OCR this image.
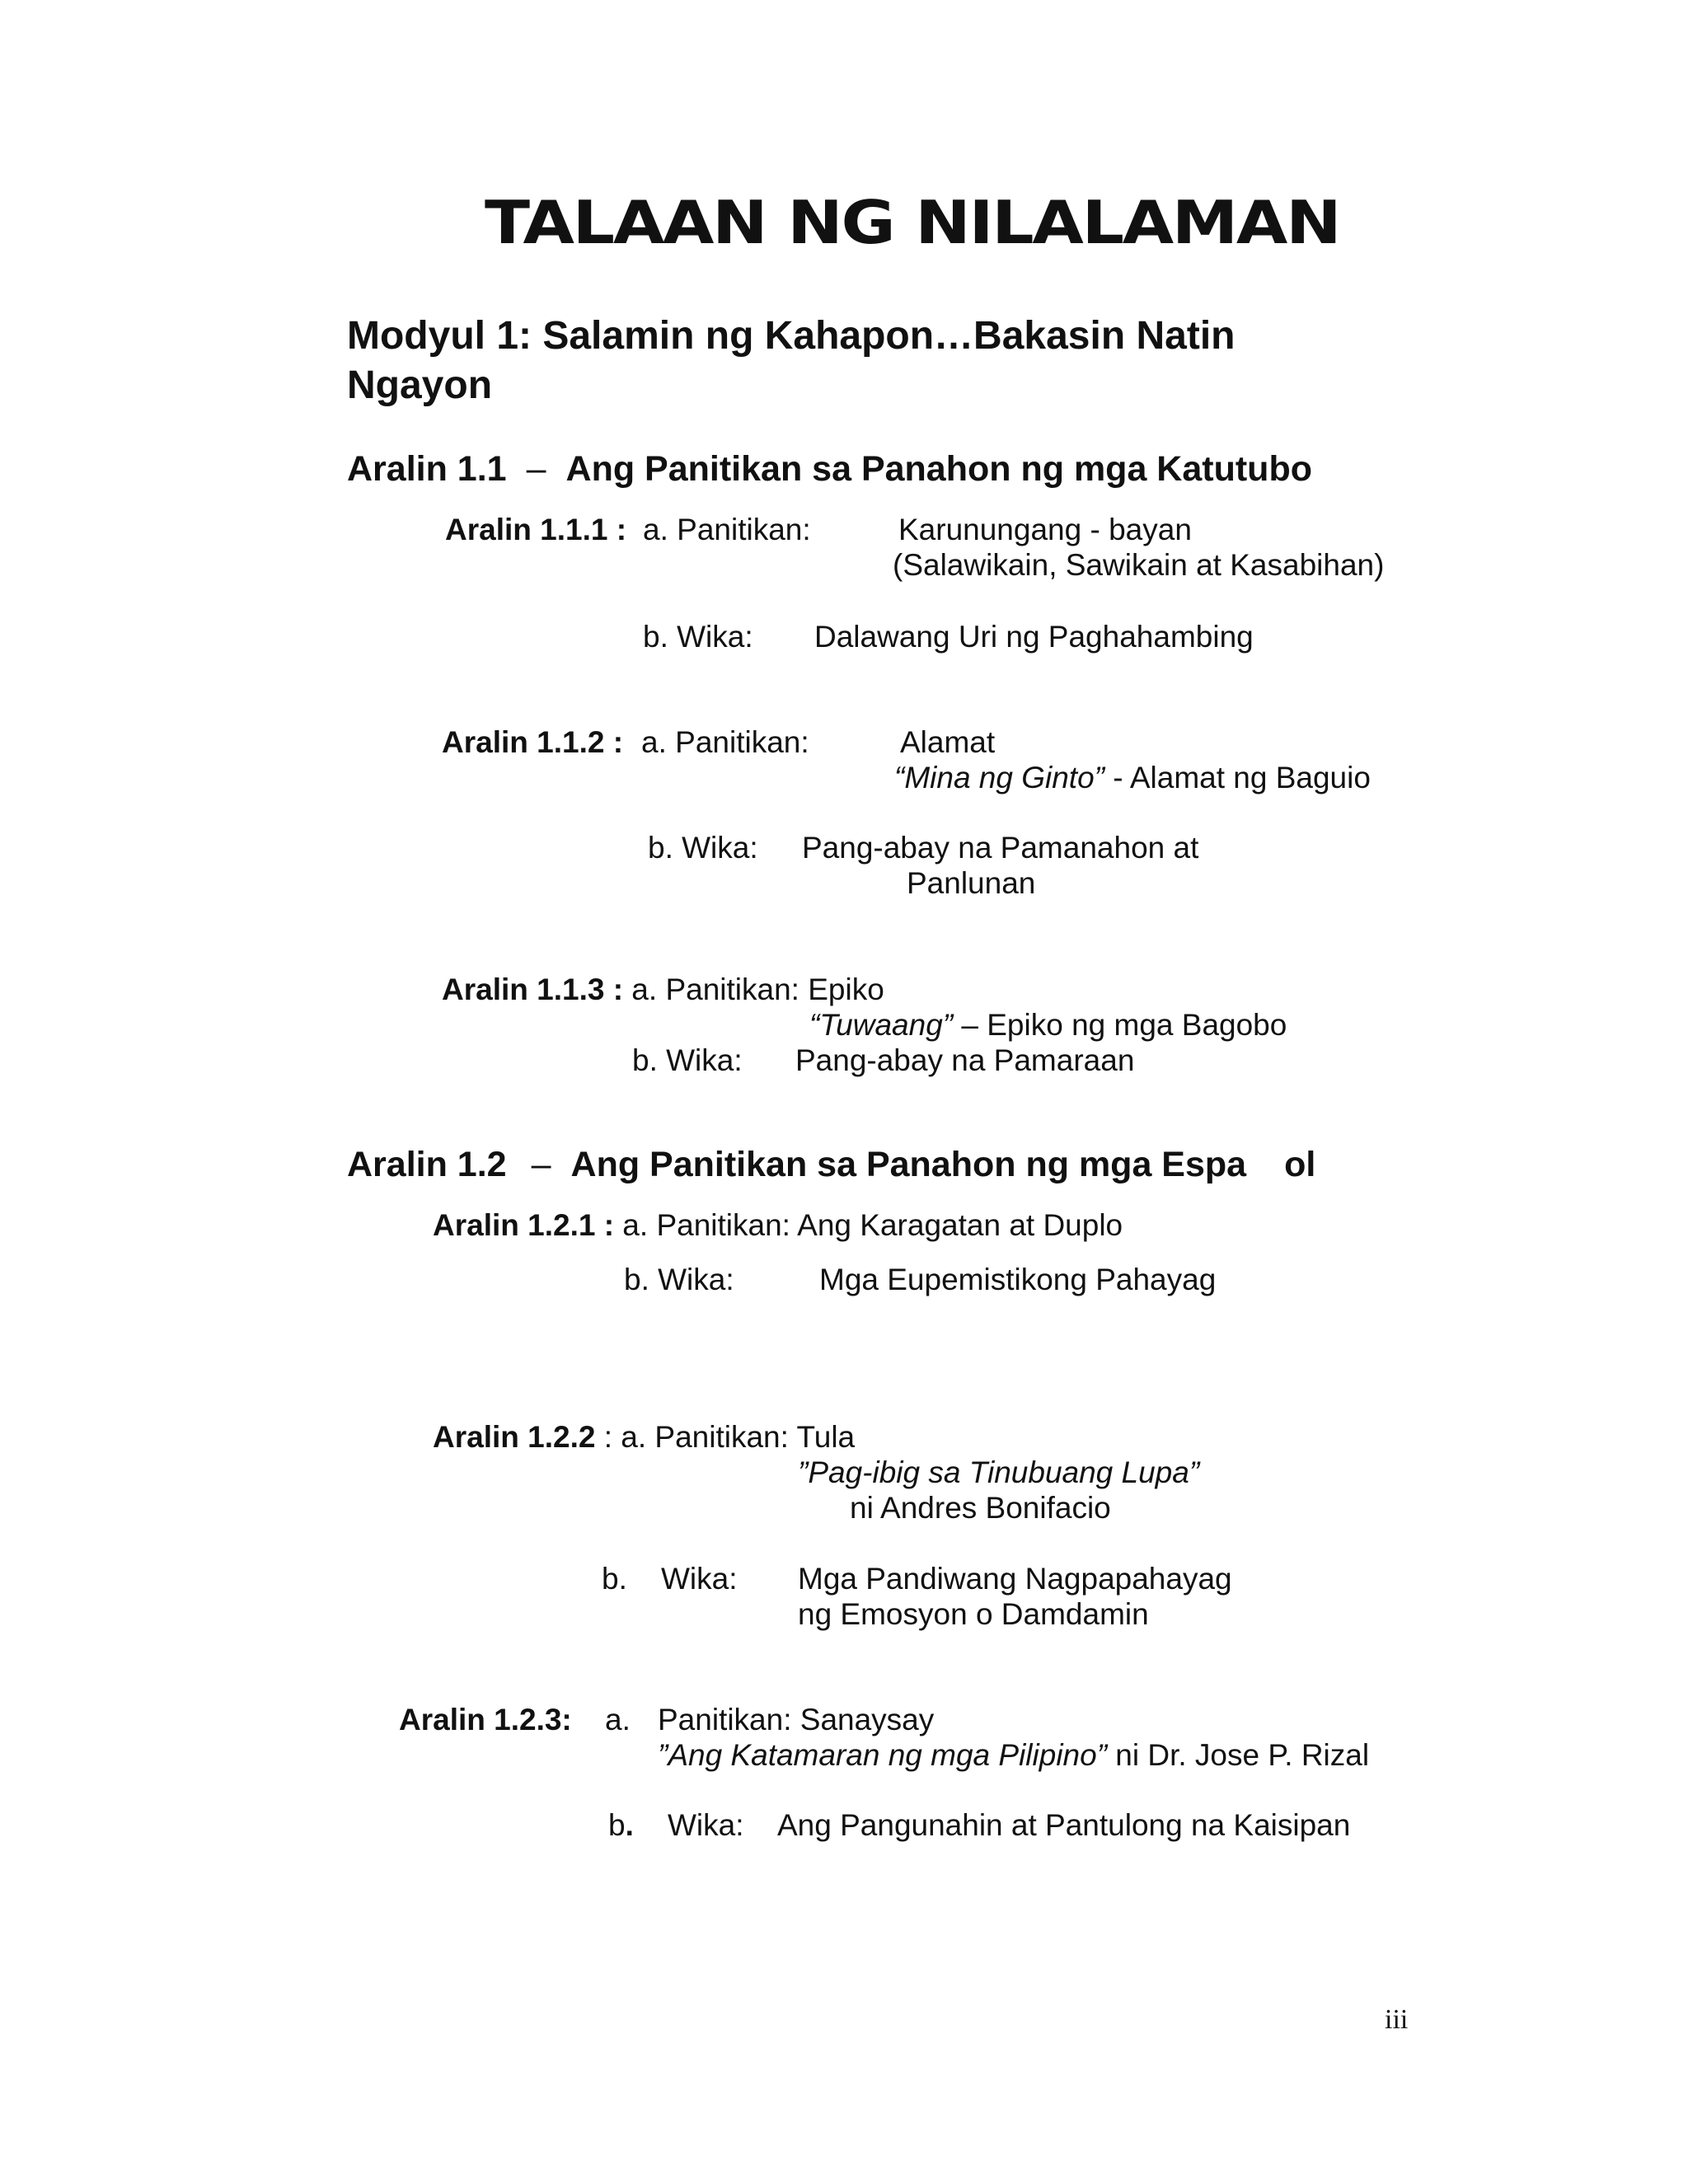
TALAAN NG NILALAMAN
Modyul 1: Salamin ng Kahapon…Bakasin Natin
Ngayon
Aralin 1.1 – Ang Panitikan sa Panahon ng mga Katutubo
Aralin 1.1.1 : a. Panitikan:	Karunungang - bayan
(Salawikain, Sawikain at Kasabihan)
b. Wika: Dalawang Uri ng Paghahambing
Aralin 1.1.2 : a. Panitikan:	Alamat
“Mina ng Ginto” - Alamat ng Baguio
b. Wika: Pang-abay na Pamanahon at
Panlunan
Aralin 1.1.3 : a. Panitikan: Epiko
“Tuwaang” – Epiko ng mga Bagobo
b. Wika: Pang-abay na Pamaraan
Aralin 1.2 – Ang Panitikan sa Panahon ng mga Espa ol
Aralin 1.2.1 : a. Panitikan: Ang Karagatan at Duplo
b. Wika:	Mga Eupemistikong Pahayag
Aralin 1.2.2 : a. Panitikan: Tula
”Pag-ibig sa Tinubuang Lupa”
ni Andres Bonifacio
b. Wika: Mga Pandiwang Nagpapahayag
ng Emosyon o Damdamin
Aralin 1.2.3: a. Panitikan: Sanaysay
”Ang Katamaran ng mga Pilipino” ni Dr. Jose P. Rizal
b. Wika: Ang Pangunahin at Pantulong na Kaisipan
iii
